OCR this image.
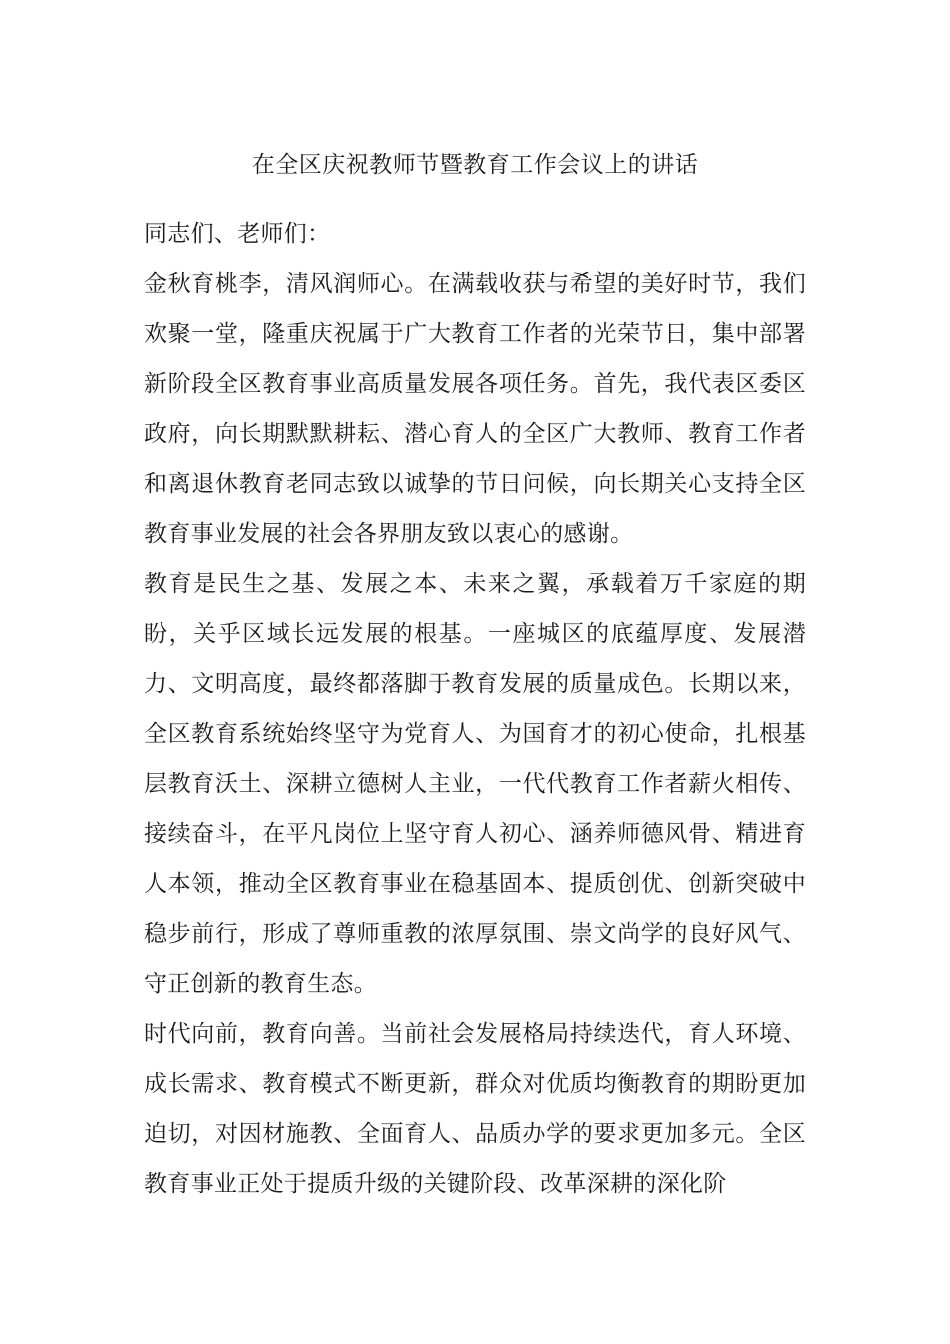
在全区庆祝教师节暨教育工作会议上的讲话

同志们、老师们：

金秋育桃李，清风润师心。在满载收获与希望的美好时节，我们欢聚一堂，隆重庆祝属于广大教育工作者的光荣节日，集中部署新阶段全区教育事业高质量发展各项任务。首先，我代表区委区政府，向长期默默耕耘、潜心育人的全区广大教师、教育工作者和离退休教育老同志致以诚挚的节日问候，向长期关心支持全区教育事业发展的社会各界朋友致以衷心的感谢。

教育是民生之基、发展之本、未来之翼，承载着万千家庭的期盼，关乎区域长远发展的根基。一座城区的底蕴厚度、发展潜力、文明高度，最终都落脚于教育发展的质量成色。长期以来，全区教育系统始终坚守为党育人、为国育才的初心使命，扎根基层教育沃土、深耕立德树人主业，一代代教育工作者薪火相传、接续奋斗，在平凡岗位上坚守育人初心、涵养师德风骨、精进育人本领，推动全区教育事业在稳基固本、提质创优、创新突破中稳步前行，形成了尊师重教的浓厚氛围、崇文尚学的良好风气、守正创新的教育生态。

时代向前，教育向善。当前社会发展格局持续迭代，育人环境、成长需求、教育模式不断更新，群众对优质均衡教育的期盼更加迫切，对因材施教、全面育人、品质办学的要求更加多元。全区教育事业正处于提质升级的关键阶段、改革深耕的深化阶
